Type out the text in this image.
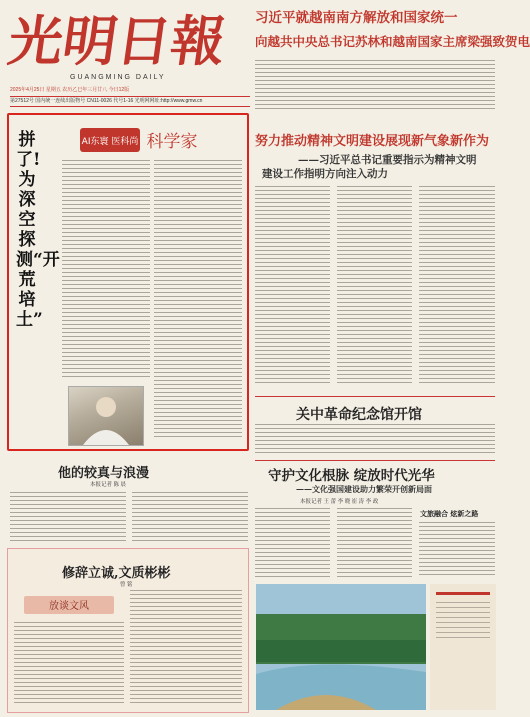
光明日報
GUANGMING DAILY
2025年4月25日 星期五 农历乙巳年三月廿八 今日12版
第27512号 国内统一连续出版物号 CN11-0026 代号1-16 光明网网址:http://www.gmw.cn
习近平就越南南方解放和国家统一
向越共中央总书记苏林和越南国家主席梁强致贺电
拼了!为深空探测“开荒培土”
AI东寰 医科尚 科学家	努力推动精神文明建设展现新气象新作为
——习近平总书记重要指示为精神文明
建设工作指明方向注入动力
关中革命纪念馆开馆
守护文化根脉 绽放时代光华
——文化强国建设助力繁荣开创新局面
本报记者 王 蕾 李 晓 崔 涛 李 政
文旅融合 炫新之路
他的较真与浪漫
本报记者 陈 晨
修辞立诚,文质彬彬
曾 铭
放谈文风
